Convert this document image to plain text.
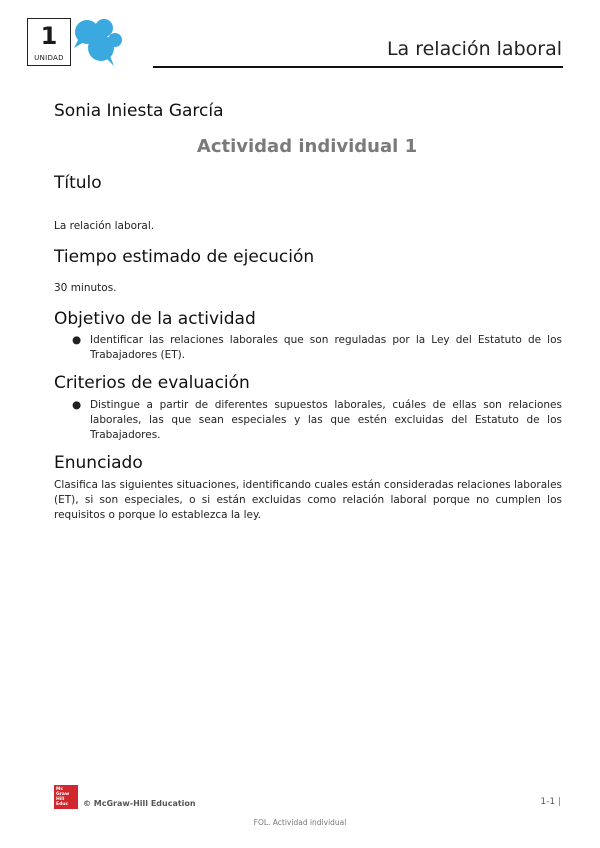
1
UNIDAD	La relación laboral
Sonia Iniesta García
Actividad individual 1
Título

La relación laboral.

Tiempo estimado de ejecución

30 minutos.

Objetivo de la actividad
● Identificar las relaciones laborales que son reguladas por la Ley del Estatuto de los Trabajadores (ET).
Criterios de evaluación
● Distingue a partir de diferentes supuestos laborales, cuáles de ellas son relaciones laborales, las que sean especiales y las que estén excluidas del Estatuto de los Trabajadores.
Enunciado

Clasifica las siguientes situaciones, identificando cuales están consideradas relaciones laborales (ET), si son especiales, o si están excluidas como relación laboral porque no cumplen los requisitos o porque lo establezca la ley.

Mc
Graw
Hill
Educ © McGraw-Hill Education	1-1 |
FOL. Actividad individual
